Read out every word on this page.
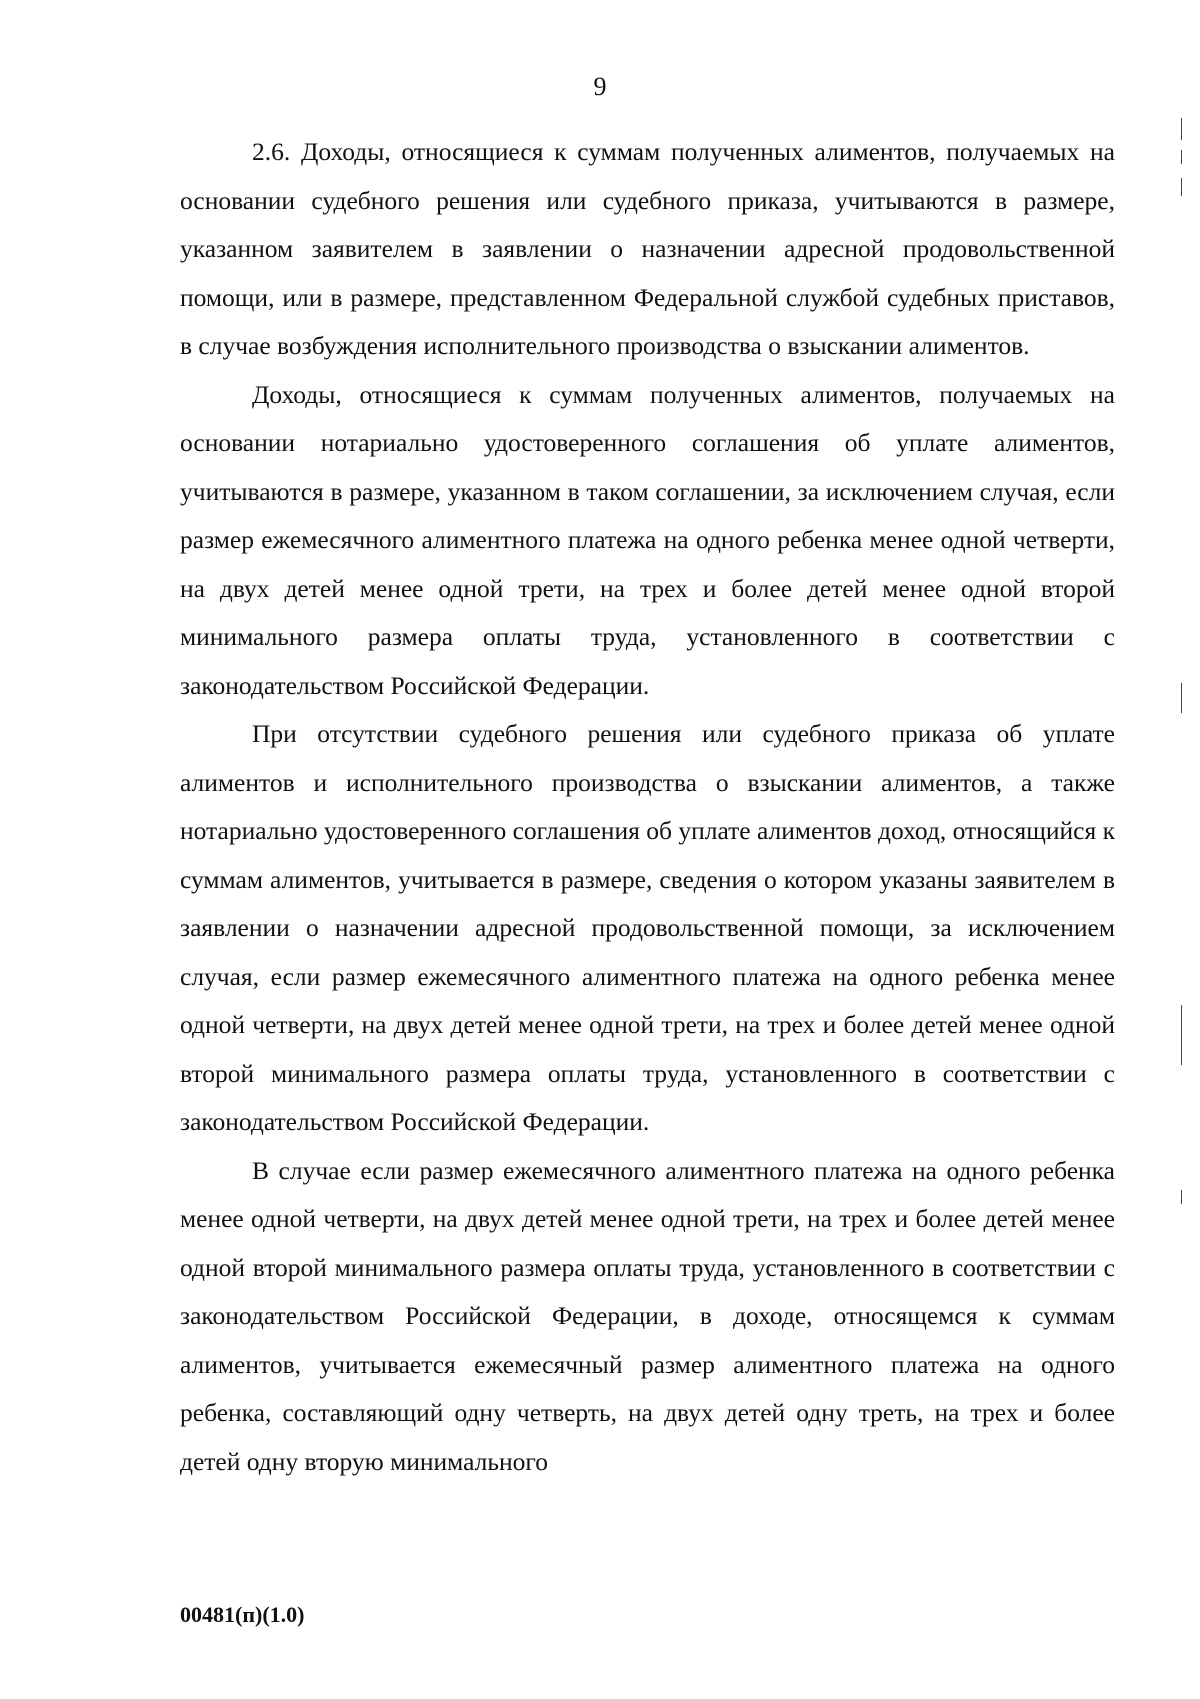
9

2.6. Доходы, относящиеся к суммам полученных алиментов, получаемых на основании судебного решения или судебного приказа, учитываются в размере, указанном заявителем в заявлении о назначении адресной продовольственной помощи, или в размере, представленном Федеральной службой судебных приставов, в случае возбуждения исполнительного производства о взыскании алиментов.

Доходы, относящиеся к суммам полученных алиментов, получаемых на основании нотариально удостоверенного соглашения об уплате алиментов, учитываются в размере, указанном в таком соглашении, за исключением случая, если размер ежемесячного алиментного платежа на одного ребенка менее одной четверти, на двух детей менее одной трети, на трех и более детей менее одной второй минимального размера оплаты труда, установленного в соответствии с законодательством Российской Федерации.

При отсутствии судебного решения или судебного приказа об уплате алиментов и исполнительного производства о взыскании алиментов, а также нотариально удостоверенного соглашения об уплате алиментов доход, относящийся к суммам алиментов, учитывается в размере, сведения о котором указаны заявителем в заявлении о назначении адресной продовольственной помощи, за исключением случая, если размер ежемесячного алиментного платежа на одного ребенка менее одной четверти, на двух детей менее одной трети, на трех и более детей менее одной второй минимального размера оплаты труда, установленного в соответствии с законодательством Российской Федерации.

В случае если размер ежемесячного алиментного платежа на одного ребенка менее одной четверти, на двух детей менее одной трети, на трех и более детей менее одной второй минимального размера оплаты труда, установленного в соответствии с законодательством Российской Федерации, в доходе, относящемся к суммам алиментов, учитывается ежемесячный размер алиментного платежа на одного ребенка, составляющий одну четверть, на двух детей одну треть, на трех и более детей одну вторую минимального

00481(п)(1.0)
